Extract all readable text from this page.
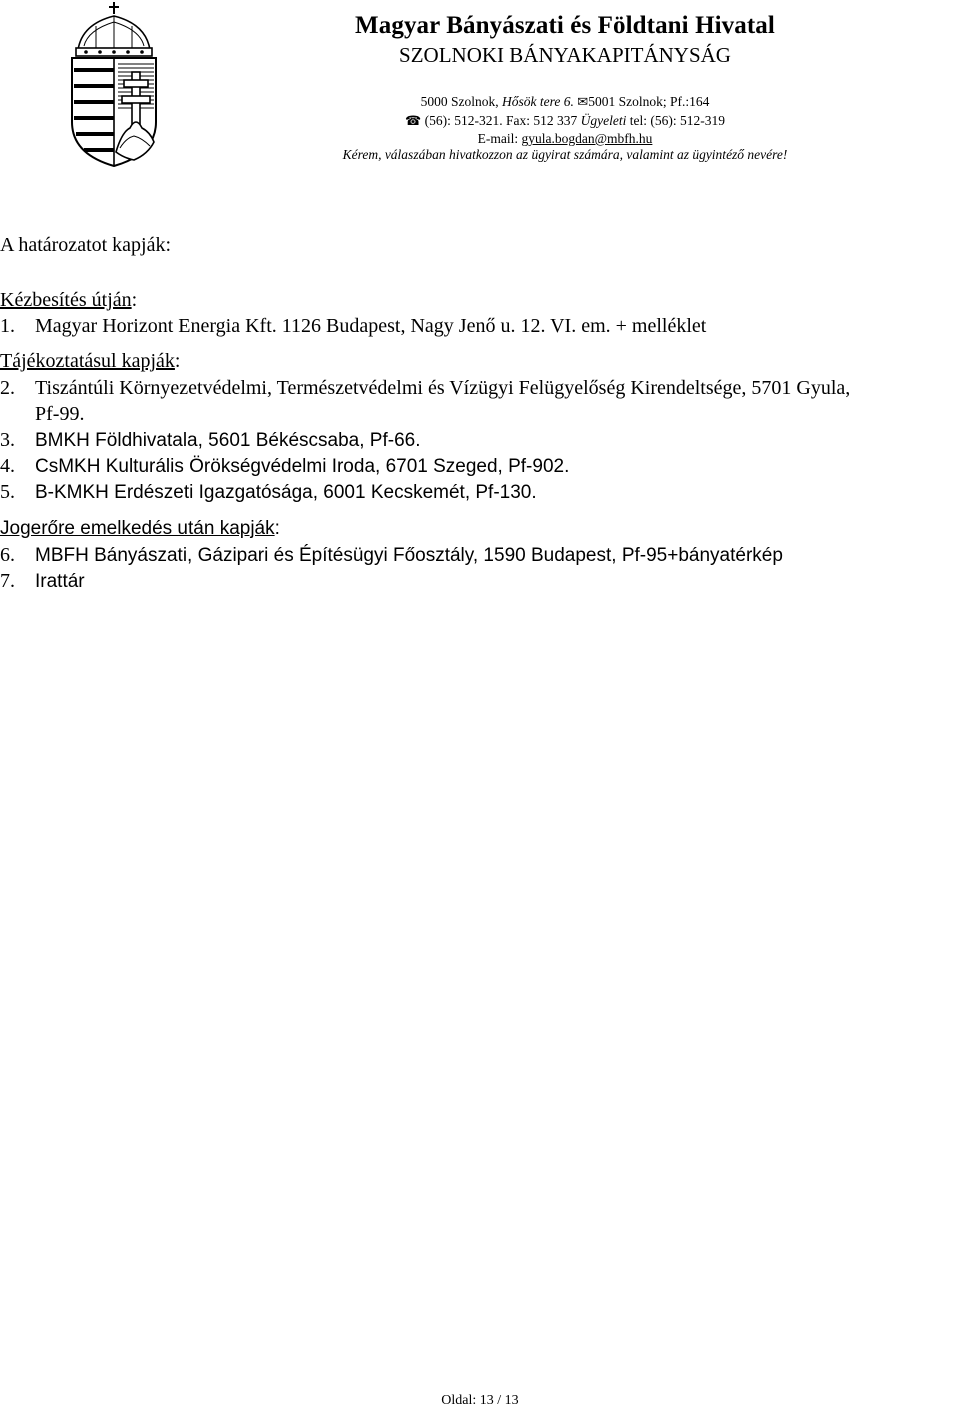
Magyar Bányászati és Földtani Hivatal
SZOLNOKI BÁNYAKAPITÁNYSÁG
5000 Szolnok, Hősök tere 6. ✉5001 Szolnok; Pf.:164
☎ (56): 512-321. Fax: 512 337 Ügyeleti tel: (56): 512-319
E-mail: gyula.bogdan@mbfh.hu
Kérem, válaszában hivatkozzon az ügyirat számára, valamint az ügyintéző nevére!
A határozatot kapják:
Kézbesítés útján:
1. Magyar Horizont Energia Kft. 1126 Budapest, Nagy Jenő u. 12. VI. em. + melléklet
Tájékoztatásul kapják:
2. Tiszántúli Környezetvédelmi, Természetvédelmi és Vízügyi Felügyelőség Kirendeltsége, 5701 Gyula,
Pf-99.
3. BMKH Földhivatala, 5601 Békéscsaba, Pf-66.
4. CsMKH Kulturális Örökségvédelmi Iroda, 6701 Szeged, Pf-902.
5. B-KMKH Erdészeti Igazgatósága, 6001 Kecskemét, Pf-130.
Jogerőre emelkedés után kapják:
6. MBFH Bányászati, Gázipari és Építésügyi Főosztály, 1590 Budapest, Pf-95+bányatérkép
7. Irattár
Oldal: 13 / 13
